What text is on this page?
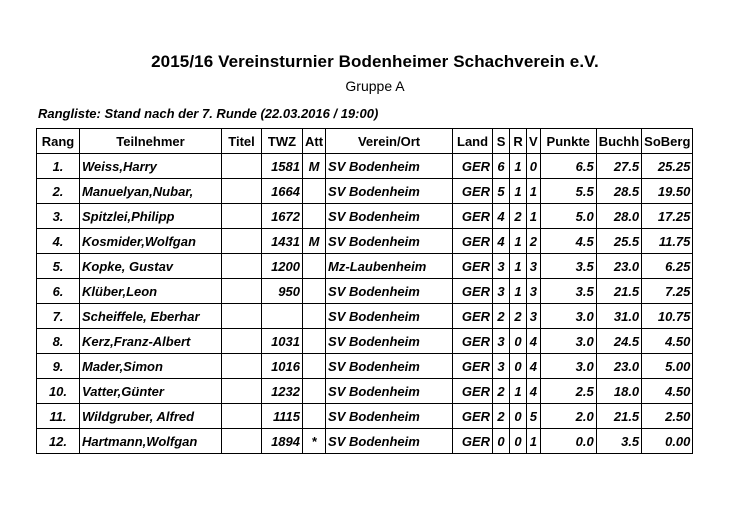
2015/16 Vereinsturnier Bodenheimer Schachverein e.V.
Gruppe A
Rangliste: Stand nach der 7. Runde (22.03.2016 / 19:00)
Rang	Teilnehmer	Titel	TWZ	Att	Verein/Ort	Land	S	R	V	Punkte	Buchh	SoBerg
1.	Weiss,Harry		1581	M	SV Bodenheim	GER	6	1	0	6.5	27.5	25.25
2.	Manuelyan,Nubar,		1664		SV Bodenheim	GER	5	1	1	5.5	28.5	19.50
3.	Spitzlei,Philipp		1672		SV Bodenheim	GER	4	2	1	5.0	28.0	17.25
4.	Kosmider,Wolfgan		1431	M	SV Bodenheim	GER	4	1	2	4.5	25.5	11.75
5.	Kopke, Gustav		1200		Mz-Laubenheim	GER	3	1	3	3.5	23.0	6.25
6.	Klüber,Leon		950		SV Bodenheim	GER	3	1	3	3.5	21.5	7.25
7.	Scheiffele, Eberhar				SV Bodenheim	GER	2	2	3	3.0	31.0	10.75
8.	Kerz,Franz-Albert		1031		SV Bodenheim	GER	3	0	4	3.0	24.5	4.50
9.	Mader,Simon		1016		SV Bodenheim	GER	3	0	4	3.0	23.0	5.00
10.	Vatter,Günter		1232		SV Bodenheim	GER	2	1	4	2.5	18.0	4.50
11.	Wildgruber, Alfred		1115		SV Bodenheim	GER	2	0	5	2.0	21.5	2.50
12.	Hartmann,Wolfgan		1894	*	SV Bodenheim	GER	0	0	1	0.0	3.5	0.00
